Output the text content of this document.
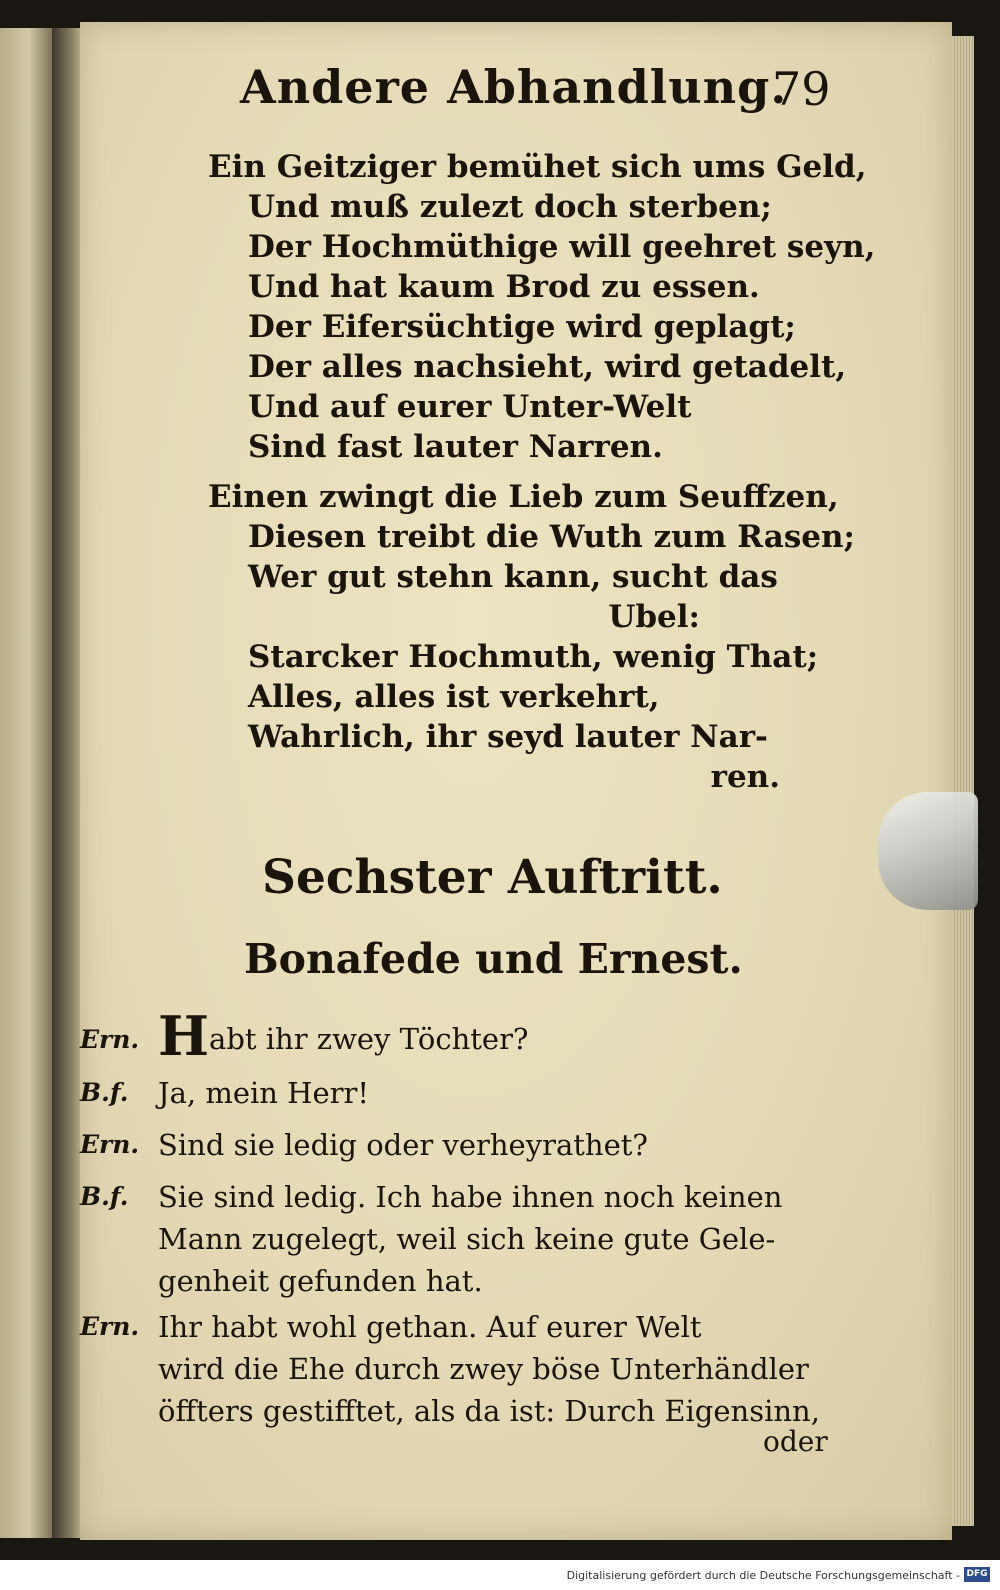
Andere Abhandlung.
79
Ein Geitziger bemühet sich ums Geld,
Und muß zulezt doch sterben;
Der Hochmüthige will geehret seyn,
Und hat kaum Brod zu essen.
Der Eifersüchtige wird geplagt;
Der alles nachsieht, wird getadelt,
Und auf eurer Unter-Welt
Sind fast lauter Narren.
Einen zwingt die Lieb zum Seuffzen,
Diesen treibt die Wuth zum Rasen;
Wer gut stehn kann, sucht das
Ubel:
Starcker Hochmuth, wenig That;
Alles, alles ist verkehrt,
Wahrlich, ihr seyd lauter Nar-
ren.
Sechster Auftritt.
Bonafede und Ernest.
Ern. Habt ihr zwey Töchter?
B.f.	Ja, mein Herr!
Ern. Sind sie ledig oder verheyrathet?
B.f.	Sie sind ledig. Ich habe ihnen noch keinen
Mann zugelegt, weil sich keine gute Gele-
genheit gefunden hat.
Ern. Ihr habt wohl gethan. Auf eurer Welt
wird die Ehe durch zwey böse Unterhändler
öffters gestifftet, als da ist: Durch Eigensinn,
oder
Digitalisierung gefördert durch die Deutsche Forschungsgemeinschaft - DFG
